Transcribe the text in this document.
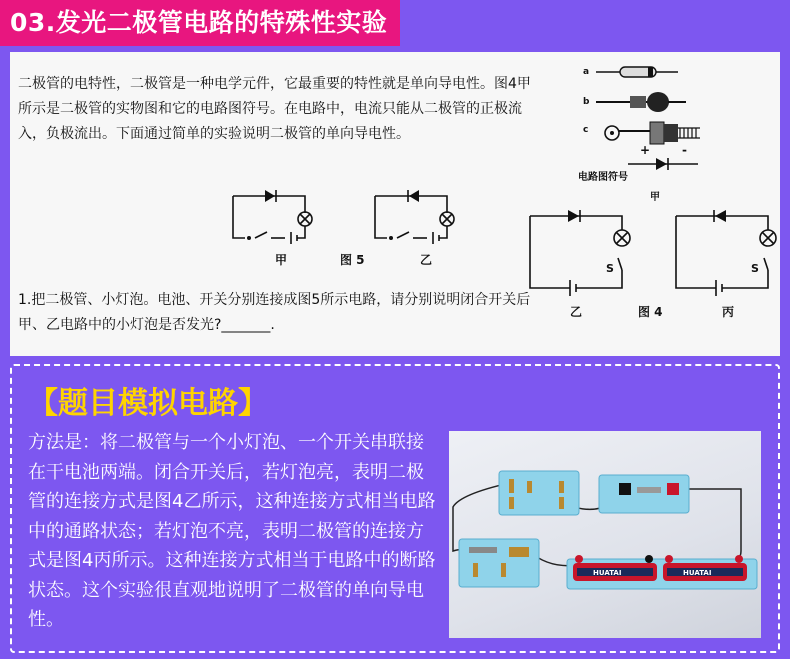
03.发光二极管电路的特殊性实验
二极管的电特性，二极管是一种电学元件，它最重要的特性就是单向导电性。图4甲所示是二极管的实物图和它的电路图符号。在电路中，电流只能从二极管的正极流入，负极流出。下面通过简单的实验说明二极管的单向导电性。
1.把二极管、小灯泡。电池、开关分别连接成图5所示电路，请分别说明闭合开关后甲、乙电路中的小灯泡是否发光?_______.
甲	图 5	乙
a
b
c
+	-
电路图符号
甲
S	S
乙	图 4	丙
【题目模拟电路】
方法是：将二极管与一个小灯泡、一个开关串联接在干电池两端。闭合开关后，若灯泡亮，表明二极管的连接方式是图4乙所示，这种连接方式相当电路中的通路状态；若灯泡不亮，表明二极管的连接方式是图4丙所示。这种连接方式相当于电路中的断路状态。这个实验很直观地说明了二极管的单向导电性。
HUATAI	HUATAI
